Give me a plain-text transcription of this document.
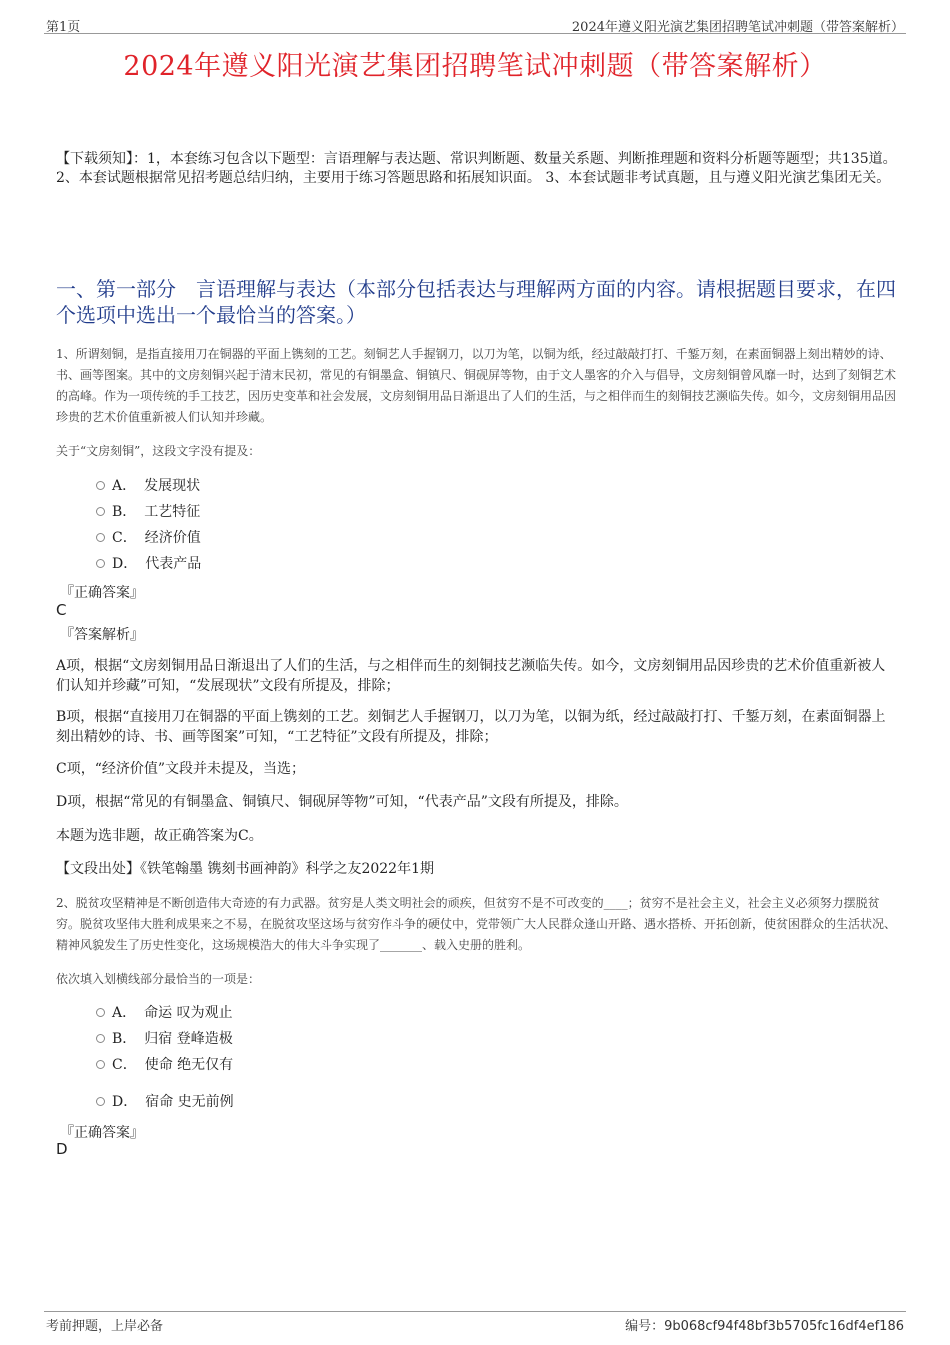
第1页	2024年遵义阳光演艺集团招聘笔试冲刺题（带答案解析）
2024年遵义阳光演艺集团招聘笔试冲刺题（带答案解析）
【下载须知】：1，本套练习包含以下题型：言语理解与表达题、常识判断题、数量关系题、判断推理题和资料分析题等题型；共135道。 2、本套试题根据常见招考题总结归纳，主要用于练习答题思路和拓展知识面。 3、本套试题非考试真题，且与遵义阳光演艺集团无关。
一、第一部分　言语理解与表达（本部分包括表达与理解两方面的内容。请根据题目要求，在四个选项中选出一个最恰当的答案。）
1、所谓刻铜，是指直接用刀在铜器的平面上镌刻的工艺。刻铜艺人手握钢刀，以刀为笔，以铜为纸，经过敲敲打打、千錾万刻，在素面铜器上刻出精妙的诗、书、画等图案。其中的文房刻铜兴起于清末民初，常见的有铜墨盒、铜镇尺、铜砚屏等物，由于文人墨客的介入与倡导，文房刻铜曾风靡一时，达到了刻铜艺术的高峰。作为一项传统的手工技艺，因历史变革和社会发展，文房刻铜用品日渐退出了人们的生活，与之相伴而生的刻铜技艺濒临失传。如今，文房刻铜用品因珍贵的艺术价值重新被人们认知并珍藏。
关于“文房刻铜”，这段文字没有提及：
A． 发展现状
B． 工艺特征
C． 经济价值
D． 代表产品
『正确答案』
C
『答案解析』
A项，根据“文房刻铜用品日渐退出了人们的生活，与之相伴而生的刻铜技艺濒临失传。如今，文房刻铜用品因珍贵的艺术价值重新被人们认知并珍藏”可知，“发展现状”文段有所提及，排除；
B项，根据“直接用刀在铜器的平面上镌刻的工艺。刻铜艺人手握钢刀，以刀为笔，以铜为纸，经过敲敲打打、千錾万刻，在素面铜器上刻出精妙的诗、书、画等图案”可知，“工艺特征”文段有所提及，排除；
C项，“经济价值”文段并未提及，当选；
D项，根据“常见的有铜墨盒、铜镇尺、铜砚屏等物”可知，“代表产品”文段有所提及，排除。
本题为选非题，故正确答案为C。
【文段出处】《铁笔翰墨 镌刻书画神韵》科学之友2022年1期
2、脱贫攻坚精神是不断创造伟大奇迹的有力武器。贫穷是人类文明社会的顽疾，但贫穷不是不可改变的____；贫穷不是社会主义，社会主义必须努力摆脱贫穷。脱贫攻坚伟大胜利成果来之不易，在脱贫攻坚这场与贫穷作斗争的硬仗中，党带领广大人民群众逢山开路、遇水搭桥、开拓创新，使贫困群众的生活状况、精神风貌发生了历史性变化，这场规模浩大的伟大斗争实现了_______、载入史册的胜利。
依次填入划横线部分最恰当的一项是：
A． 命运 叹为观止
B． 归宿 登峰造极
C． 使命 绝无仅有
D． 宿命 史无前例
『正确答案』
D
考前押题，上岸必备	编号：9b068cf94f48bf3b5705fc16df4ef186
